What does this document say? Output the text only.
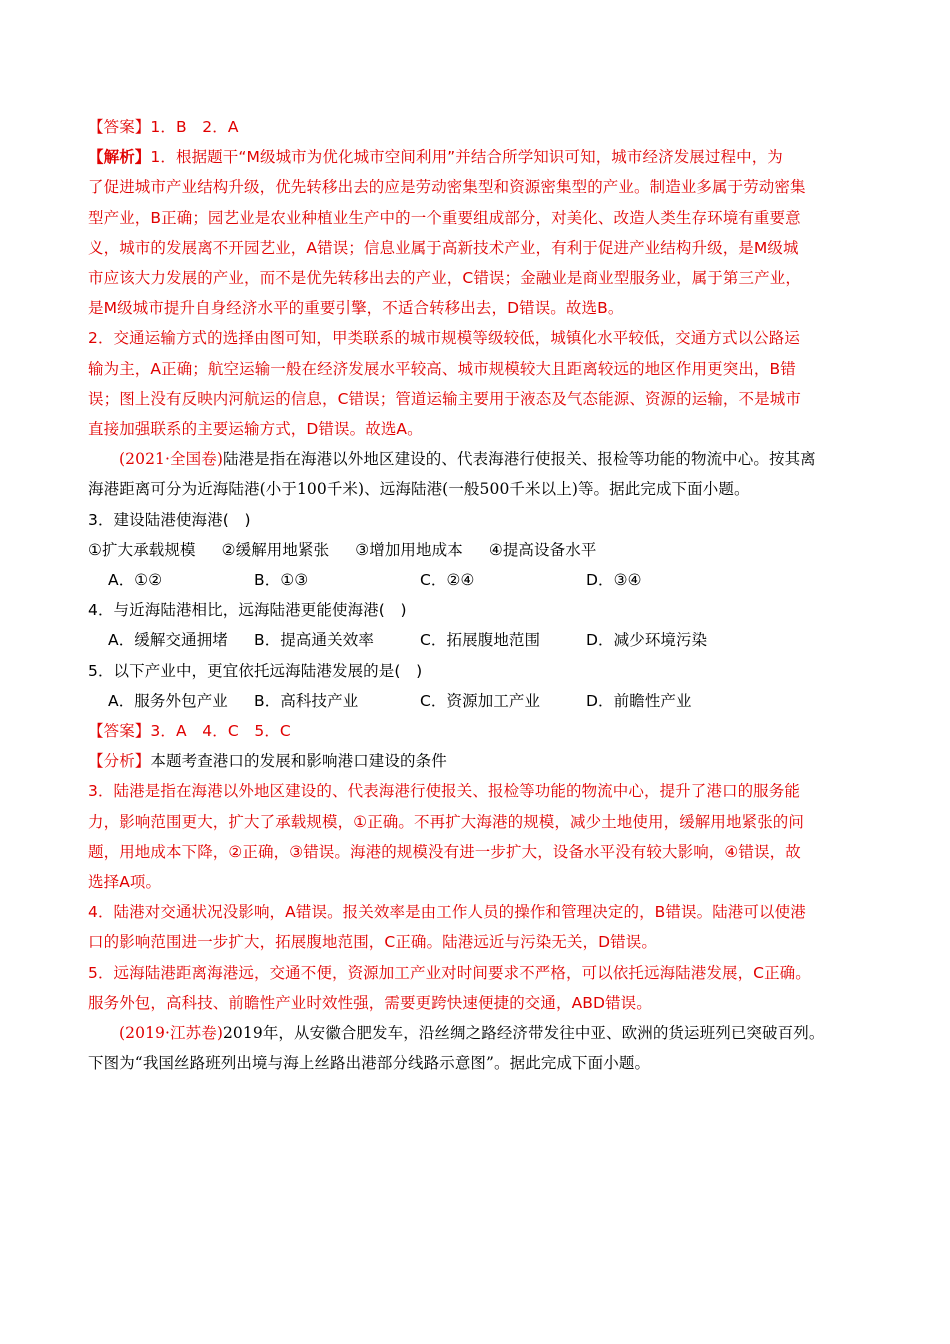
【答案】1．B　2．A
【解析】1．根据题干“M级城市为优化城市空间利用”并结合所学知识可知，城市经济发展过程中，为
了促进城市产业结构升级，优先转移出去的应是劳动密集型和资源密集型的产业。制造业多属于劳动密集
型产业，B正确；园艺业是农业种植业生产中的一个重要组成部分，对美化、改造人类生存环境有重要意
义，城市的发展离不开园艺业，A错误；信息业属于高新技术产业，有利于促进产业结构升级，是M级城
市应该大力发展的产业，而不是优先转移出去的产业，C错误；金融业是商业型服务业，属于第三产业，
是M级城市提升自身经济水平的重要引擎，不适合转移出去，D错误。故选B。
2．交通运输方式的选择由图可知，甲类联系的城市规模等级较低，城镇化水平较低，交通方式以公路运
输为主，A正确；航空运输一般在经济发展水平较高、城市规模较大且距离较远的地区作用更突出，B错
误；图上没有反映内河航运的信息，C错误；管道运输主要用于液态及气态能源、资源的运输，不是城市
直接加强联系的主要运输方式，D错误。故选A。
(2021·全国卷)陆港是指在海港以外地区建设的、代表海港行使报关、报检等功能的物流中心。按其离
海港距离可分为近海陆港(小于100千米)、远海陆港(一般500千米以上)等。据此完成下面小题。
3．建设陆港使海港(　)
①扩大承载规模 ②缓解用地紧张 ③增加用地成本 ④提高设备水平
A．①②	B．①③	C．②④	D．③④
4．与近海陆港相比，远海陆港更能使海港(　)
A．缓解交通拥堵	B．提高通关效率	C．拓展腹地范围	D．减少环境污染
5．以下产业中，更宜依托远海陆港发展的是(　)
A．服务外包产业	B．高科技产业	C．资源加工产业	D．前瞻性产业
【答案】3．A　4．C　5．C
【分析】本题考查港口的发展和影响港口建设的条件
3．陆港是指在海港以外地区建设的、代表海港行使报关、报检等功能的物流中心，提升了港口的服务能
力，影响范围更大，扩大了承载规模，①正确。不再扩大海港的规模，减少土地使用，缓解用地紧张的问
题，用地成本下降，②正确，③错误。海港的规模没有进一步扩大，设备水平没有较大影响，④错误，故
选择A项。
4．陆港对交通状况没影响，A错误。报关效率是由工作人员的操作和管理决定的，B错误。陆港可以使港
口的影响范围进一步扩大，拓展腹地范围，C正确。陆港远近与污染无关，D错误。
5．远海陆港距离海港远，交通不便，资源加工产业对时间要求不严格，可以依托远海陆港发展，C正确。
服务外包，高科技、前瞻性产业时效性强，需要更跨快速便捷的交通，ABD错误。
(2019·江苏卷)2019年，从安徽合肥发车，沿丝绸之路经济带发往中亚、欧洲的货运班列已突破百列。
下图为“我国丝路班列出境与海上丝路出港部分线路示意图”。据此完成下面小题。
